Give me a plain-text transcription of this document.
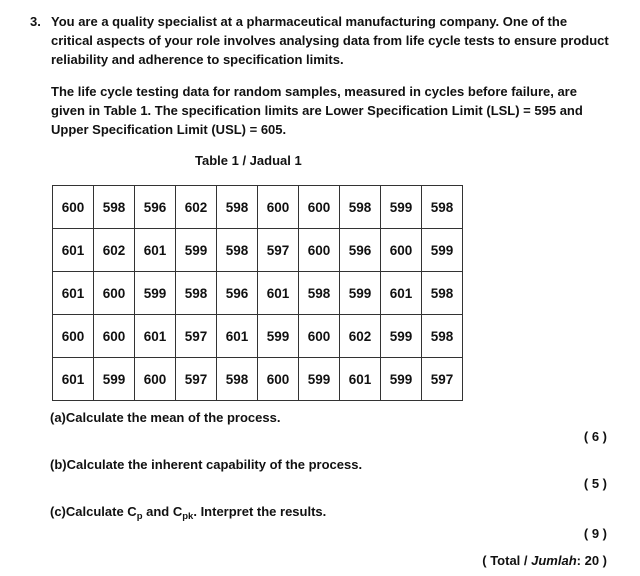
3. You are a quality specialist at a pharmaceutical manufacturing company. One of the critical aspects of your role involves analysing data from life cycle tests to ensure product reliability and adherence to specification limits.

The life cycle testing data for random samples, measured in cycles before failure, are given in Table 1. The specification limits are Lower Specification Limit (LSL) = 595 and Upper Specification Limit (USL) = 605.

Table 1 / Jadual 1
600	598	596	602	598	600	600	598	599	598
601	602	601	599	598	597	600	596	600	599
601	600	599	598	596	601	598	599	601	598
600	600	601	597	601	599	600	602	599	598
601	599	600	597	598	600	599	601	599	597
(a)Calculate the mean of the process.
( 6 )
(b)Calculate the inherent capability of the process.
( 5 )
(c)Calculate $C_p$ and $C_{pk}$. Interpret the results.
( 9 )
( Total / Jumlah: 20 )
